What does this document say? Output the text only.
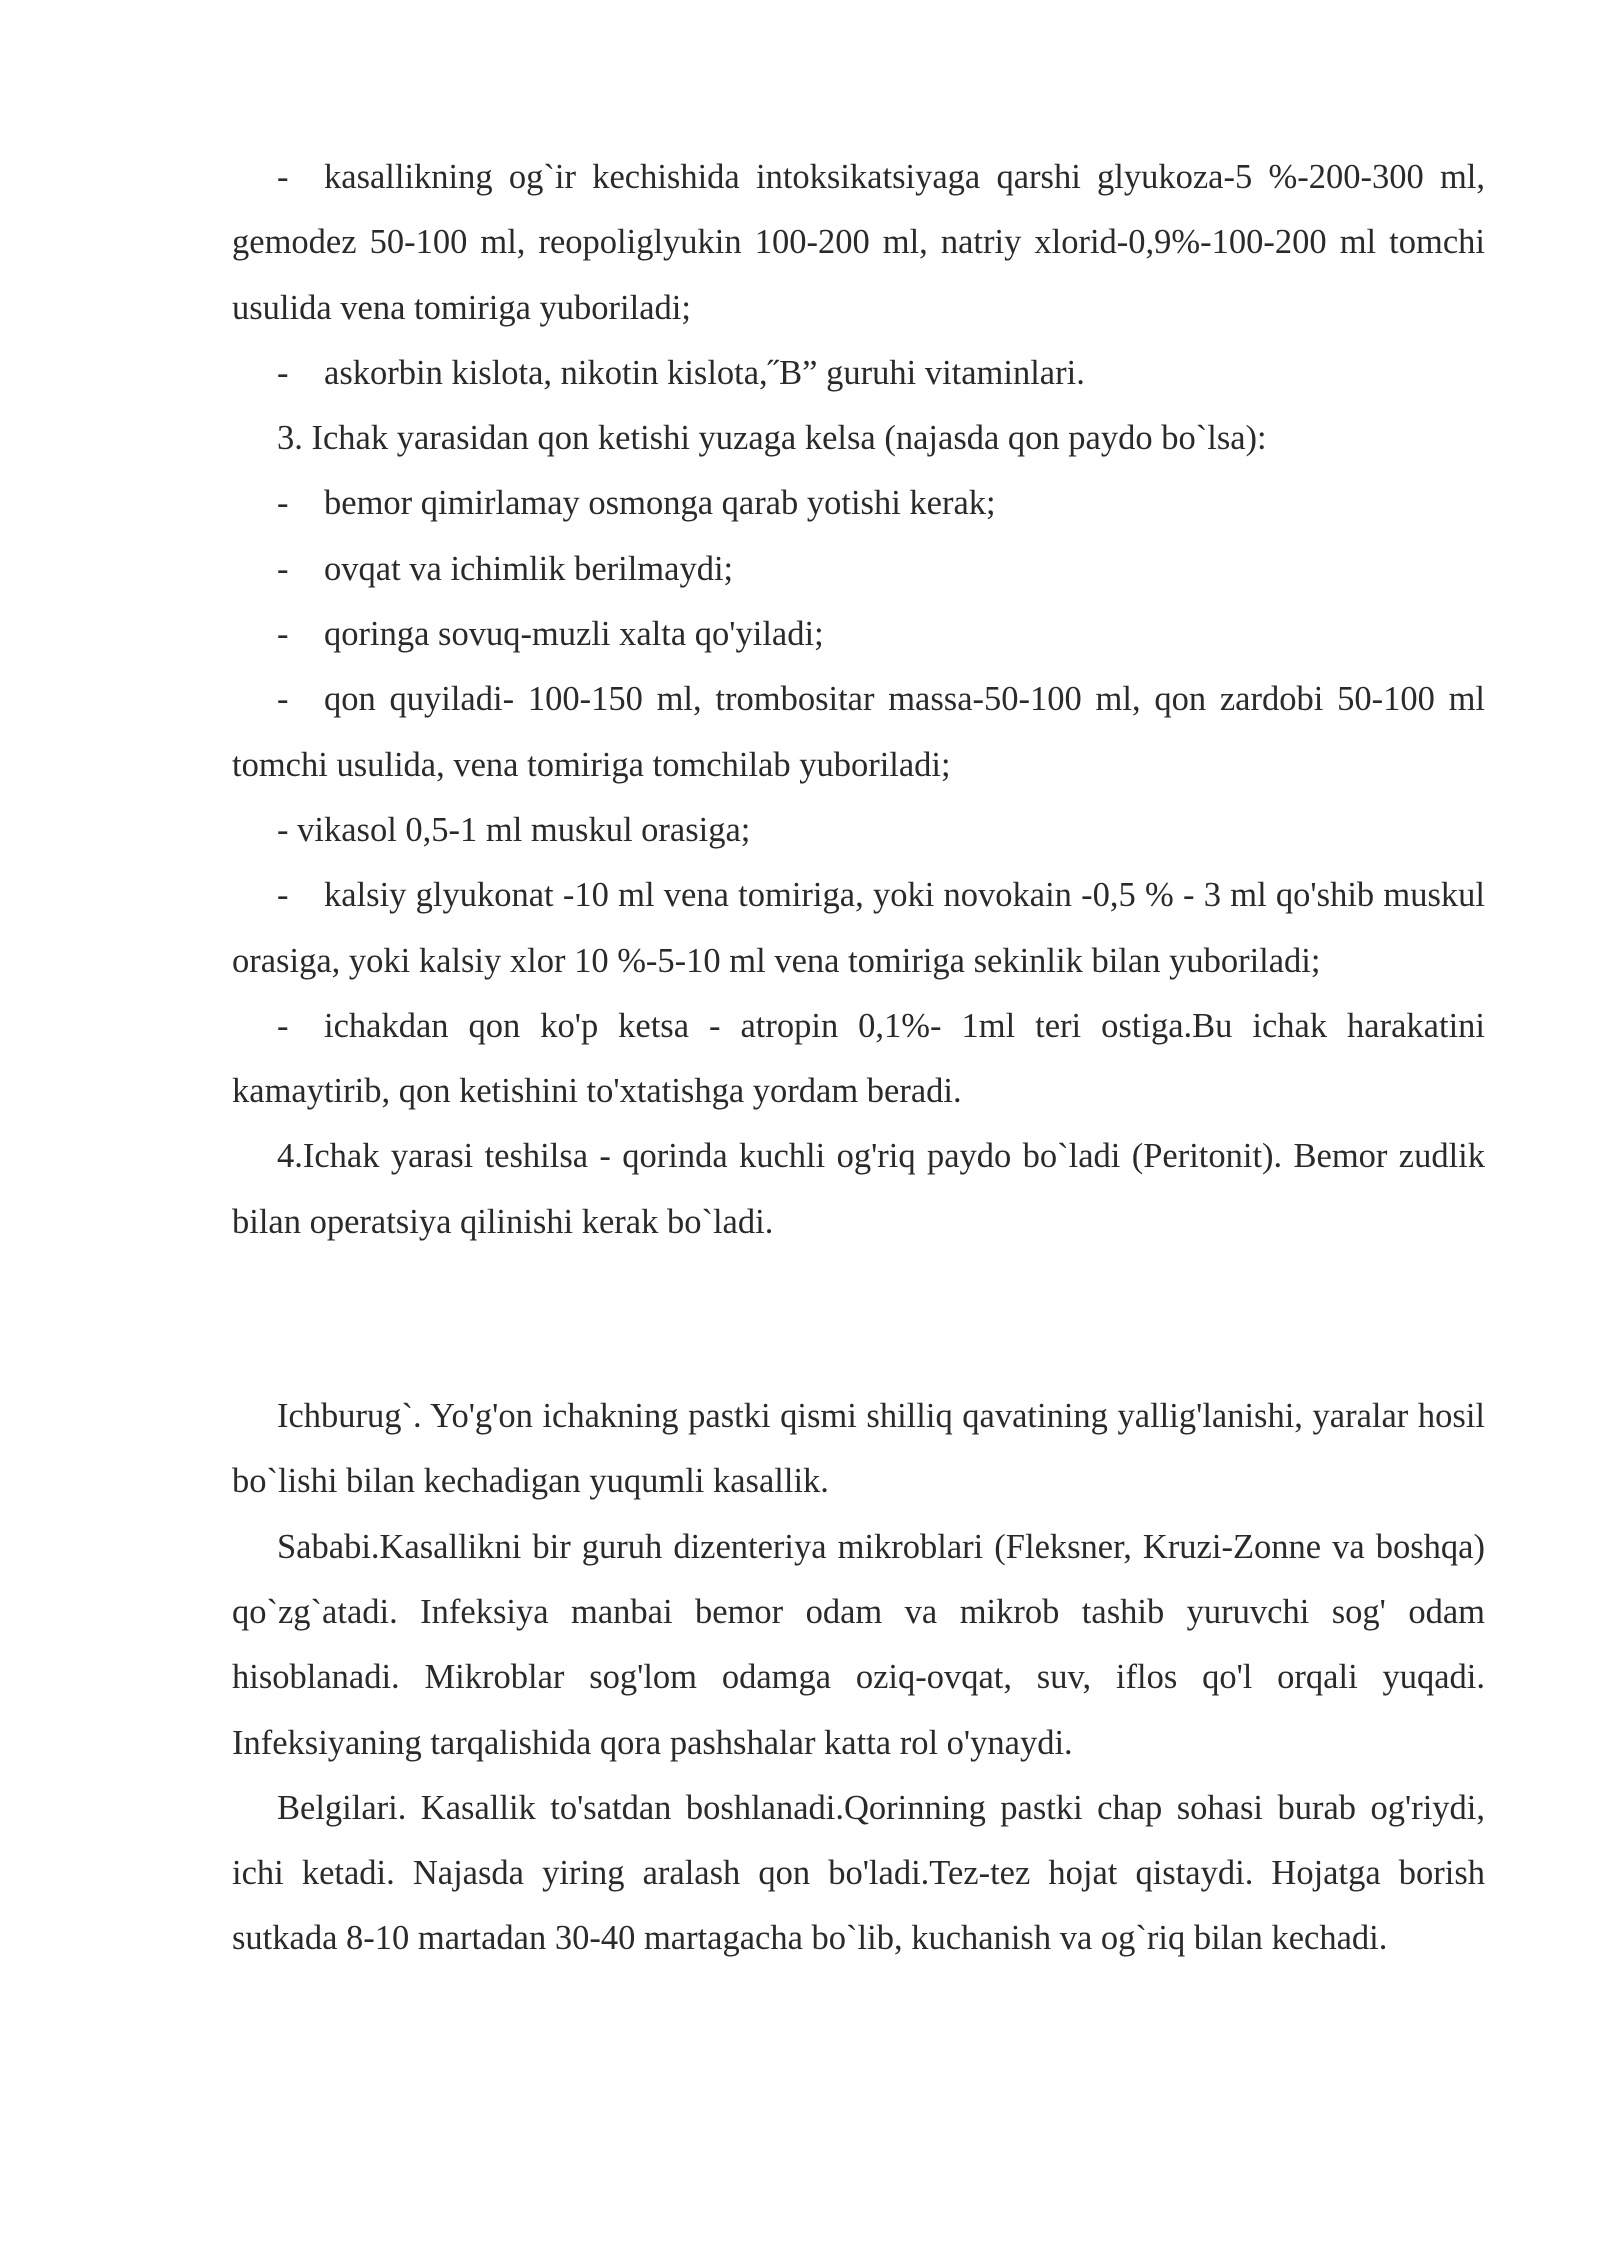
- kasallikning og`ir kechishida intoksikatsiyaga qarshi glyukoza-5 %-200-300 ml, gemodez 50-100 ml, reopoliglyukin 100-200 ml, natriy xlorid-0,9%-100-200 ml tomchi usulida vena tomiriga yuboriladi;

- askorbin kislota, nikotin kislota,˝B” guruhi vitaminlari.

3. Ichak yarasidan qon ketishi yuzaga kelsa (najasda qon paydo bo`lsa):

- bemor qimirlamay osmonga qarab yotishi kerak;

- ovqat va ichimlik berilmaydi;

- qoringa sovuq-muzli xalta qo'yiladi;

- qon quyiladi- 100-150 ml, trombositar massa-50-100 ml, qon zardobi 50-100 ml tomchi usulida, vena tomiriga tomchilab yuboriladi;

- vikasol 0,5-1 ml muskul orasiga;

- kalsiy glyukonat -10 ml vena tomiriga, yoki novokain -0,5 % - 3 ml qo'shib muskul orasiga, yoki kalsiy xlor 10 %-5-10 ml vena tomiriga sekinlik bilan yuboriladi;

- ichakdan qon ko'p ketsa - atropin 0,1%- 1ml teri ostiga.Bu ichak harakatini kamaytirib, qon ketishini to'xtatishga yordam beradi.

4.Ichak yarasi teshilsa - qorinda kuchli og'riq paydo bo`ladi (Peritonit). Bemor zudlik bilan operatsiya qilinishi kerak bo`ladi.

Ichburug`. Yo'g'on ichakning pastki qismi shilliq qavatining yallig'lanishi, yaralar hosil bo`lishi bilan kechadigan yuqumli kasallik.

Sababi.Kasallikni bir guruh dizenteriya mikroblari (Fleksner, Kruzi-Zonne va boshqa) qo`zg`atadi. Infeksiya manbai bemor odam va mikrob tashib yuruvchi sog' odam hisoblanadi. Mikroblar sog'lom odamga oziq-ovqat, suv, iflos qo'l orqali yuqadi. Infeksiyaning tarqalishida qora pashshalar katta rol o'ynaydi.

Belgilari. Kasallik to'satdan boshlanadi.Qorinning pastki chap sohasi burab og'riydi, ichi ketadi. Najasda yiring aralash qon bo'ladi.Tez-tez hojat qistaydi. Hojatga borish sutkada 8-10 martadan 30-40 martagacha bo`lib, kuchanish va og`riq bilan kechadi.
